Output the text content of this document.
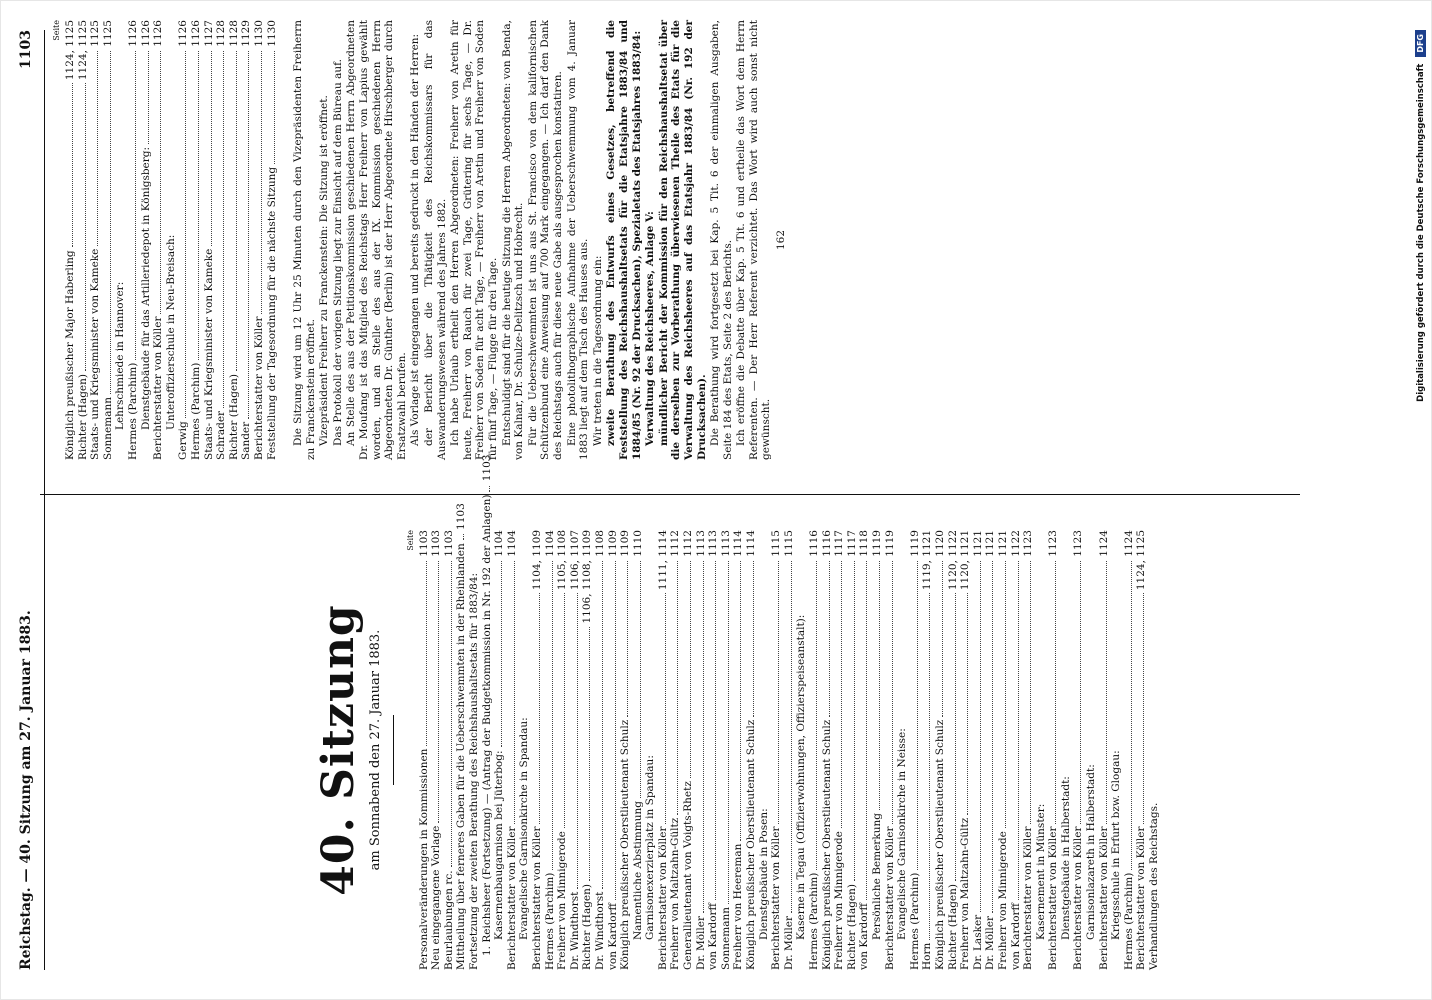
Reichstag. — 40. Sitzung am 27. Januar 1883.
1103
40. Sitzung am Sonnabend den 27. Januar 1883.
Seite
Personalveränderungen in Kommissionen
1103
Neu eingegangene Vorlage
1103
Beurlaubungen rc.
1103 Mittheilung über ferneres Gaben für die Ueberschwemmten in der Rheinlanden
1103
Fortsetzung der zweiten Berathung des Reichshaushaltsetats für 1883/84: 1. Reichsheer (Fortsetzung) — (Antrag der Budgetkommission in Nr. 192 der Anlagen)
1103
Kasernenbaugarnison bei Jüterbog:
1104
Berichterstatter von Köller
1104
Evangelische Garnisonkirche in Spandau: Berichterstatter von Köller
1104, 1109
Hermes (Parchim)
1104
Freiherr von Minnigerode
1105, 1108
Dr. Windthorst
1106, 1107
Richter (Hagen)
1106, 1108, 1109
Dr. Windthorst
1108
von Kardorff
1109
Königlich preußischer Oberstlieutenant Schulz
1109
Namentliche Abstimmung
1110
Garnisonexerzierplatz in Spandau: Berichterstatter von Köller
1111, 1114
Freiherr von Maltzahn-Gültz
1112
Generallieutenant von Voigts-Rhetz
1112
Dr. Möller
1113
von Kardorff
1113
Sonnemann
1113
Freiherr von Heereman
1114
Königlich preußischer Oberstlieutenant Schulz
1114
Dienstgebäude in Posen: Berichterstatter von Köller
1115
Dr. Möller
1115
Kaserne in Tegau (Offizierwohnungen, Offizierspeiseanstalt): Hermes (Parchim)
1116
Königlich preußischer Oberstlieutenant Schulz
1116
Freiherr von Minnigerode
1117
Richter (Hagen)
1117
von Kardorff
1118
Persönliche Bemerkung
1119
Berichterstatter von Köller
1119
Evangelische Garnisonkirche in Neisse: Hermes (Parchim)
1119
Horn
1119, 1121
Königlich preußischer Oberstlieutenant Schulz
1120
Richter (Hagen)
1120, 1122
Freiherr von Maltzahn-Gültz
1120, 1121
Dr. Lasker
1121
Dr. Möller
1121
Freiherr von Minnigerode
1121
von Kardorff
1122
Berichterstatter von Köller
1123
Kasernement in Münster: Berichterstatter von Köller
1123
Dienstgebäude in Halberstadt: Berichterstatter von Köller
1123
Garnisonlazareth in Halberstadt: Berichterstatter von Köller
1124
Kriegsschule in Erfurt bzw. Glogau: Hermes (Parchim)
1124
Berichterstatter von Köller
1124, 1125
Verhandlungen des Reichstags.
Seite
Königlich preußischer Major Haberling
1124, 1125
Richter (Hagen)
1124, 1125
Staats- und Kriegsminister von Kameke
1125
Sonnemann
1125
Lehrschmiede in Hannover: Hermes (Parchim)
1126
Dienstgebäude für das Artilleriedepot in Königsberg:
1126
Berichterstatter von Köller
1126
Unteroffizierschule in Neu-Breisach:
Gerwig
1126
Hermes (Parchim)
1126
Staats- und Kriegsminister von Kameke
1127
Schrader
1128
Richter (Hagen)
1128
Sander
1129
Berichterstatter von Köller
1130
Feststellung der Tagesordnung für die nächste Sitzung
1130 Die Sitzung wird um 12 Uhr 25 Minuten durch den Vizepräsidenten Freiherrn zu Franckenstein eröffnet. Vizepräsident Freiherr zu Franckenstein: Die Sitzung ist eröffnet. Das Protokoll der vorigen Sitzung liegt zur Einsicht auf dem Büreau auf. An Stelle des aus der Petitionskommission geschiedenen Herrn Abgeordneten Dr. Moufang ist das Mitglied des Reichstags Herr Freiherr von Lapius gewählt worden, und an Stelle des aus der IX. Kommission geschiedenen Herrn Abgeordneten Dr. Günther (Berlin) ist der Herr Abgeordnete Hirschberger durch Ersatzwahl berufen. Als Vorlage ist eingegangen und bereits gedruckt in den Händen der Herren: der Bericht über die Thätigkeit des Reichskommissars für das Auswanderungswesen während des Jahres 1882. Ich habe Urlaub ertheilt den Herren Abgeordneten: Freiherr von Aretin für heute, Freiherr von Rauch für zwei Tage, Grütering für sechs Tage, — Dr. Freiherr von Soden für acht Tage, — Freiherr von Aretin und Freiherr von Soden für fünf Tage, — Flügge für drei Tage. Entschuldigt sind für die heutige Sitzung die Herren Abgeordneten: von Benda, von Kalnar, Dr. Schulze-Delitzsch und Hobrecht. Für die Ueberschwemmten ist uns aus St. Francisco von dem kalifornischen Schützenbund eine Anweisung auf 700 Mark eingegangen. — Ich darf den Dank des Reichstags auch für diese neue Gabe als ausgesprochen konstatiren. Eine photolithographische Aufnahme der Ueberschwemmung vom 4. Januar 1883 liegt auf dem Tisch des Hauses aus. Wir treten in die Tagesordnung ein: zweite Berathung des Entwurfs eines Gesetzes, betreffend die Feststellung des Reichshaushaltsetats für die Etatsjahre 1883/84 und 1884/85 (Nr. 92 der Drucksachen), Spezialetats des Etatsjahres 1883/84: Verwaltung des Reichsheeres, Anlage V: mündlicher Bericht der Kommission für den Reichshaushaltsetat über die derselben zur Vorberathung überwiesenen Theile des Etats für die Verwaltung des Reichsheeres auf das Etatsjahr 1883/84 (Nr. 192 der Drucksachen). Die Berathung wird fortgesetzt bei Kap. 5 Tit. 6 der einmaligen Ausgaben, Seite 184 des Etats, Seite 2 des Berichts. Ich eröffne die Debatte über Kap. 5 Tit. 6 und ertheile das Wort dem Herrn Referenten. — Der Herr Referent verzichtet. Das Wort wird auch sonst nicht gewünscht.

162	Digitalisierung gefördert durch die Deutsche Forschungsgemeinschaft DFG
